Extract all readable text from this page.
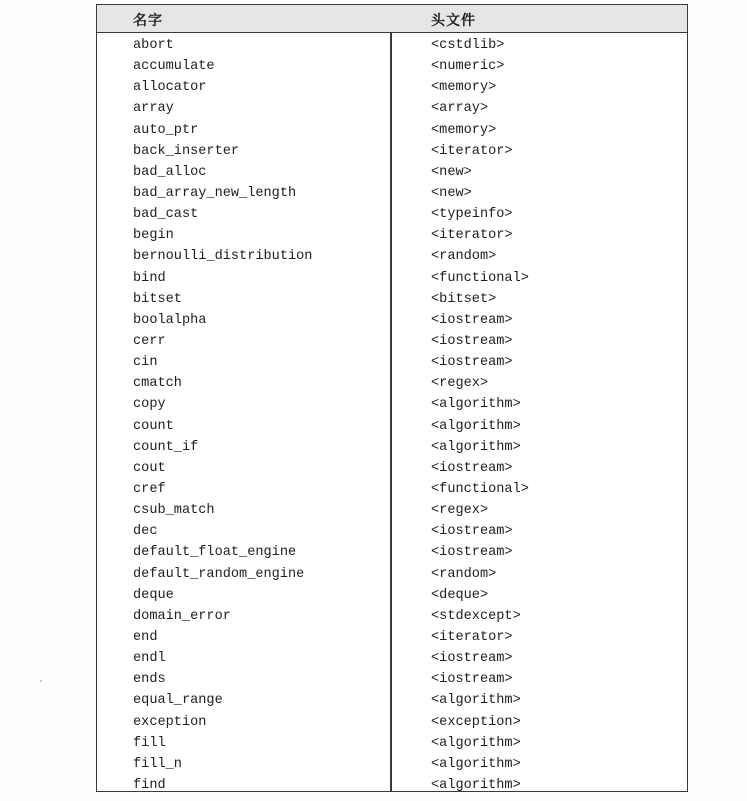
名字	头文件
abort	<cstdlib>
accumulate	<numeric>
allocator	<memory>
array	<array>
auto_ptr	<memory>
back_inserter	<iterator>
bad_alloc	<new>
bad_array_new_length	<new>
bad_cast	<typeinfo>
begin	<iterator>
bernoulli_distribution	<random>
bind	<functional>
bitset	<bitset>
boolalpha	<iostream>
cerr	<iostream>
cin	<iostream>
cmatch	<regex>
copy	<algorithm>
count	<algorithm>
count_if	<algorithm>
cout	<iostream>
cref	<functional>
csub_match	<regex>
dec	<iostream>
default_float_engine	<iostream>
default_random_engine	<random>
deque	<deque>
domain_error	<stdexcept>
end	<iterator>
endl	<iostream>
ends	<iostream>
equal_range	<algorithm>
exception	<exception>
fill	<algorithm>
fill_n	<algorithm>
find	<algorithm>
